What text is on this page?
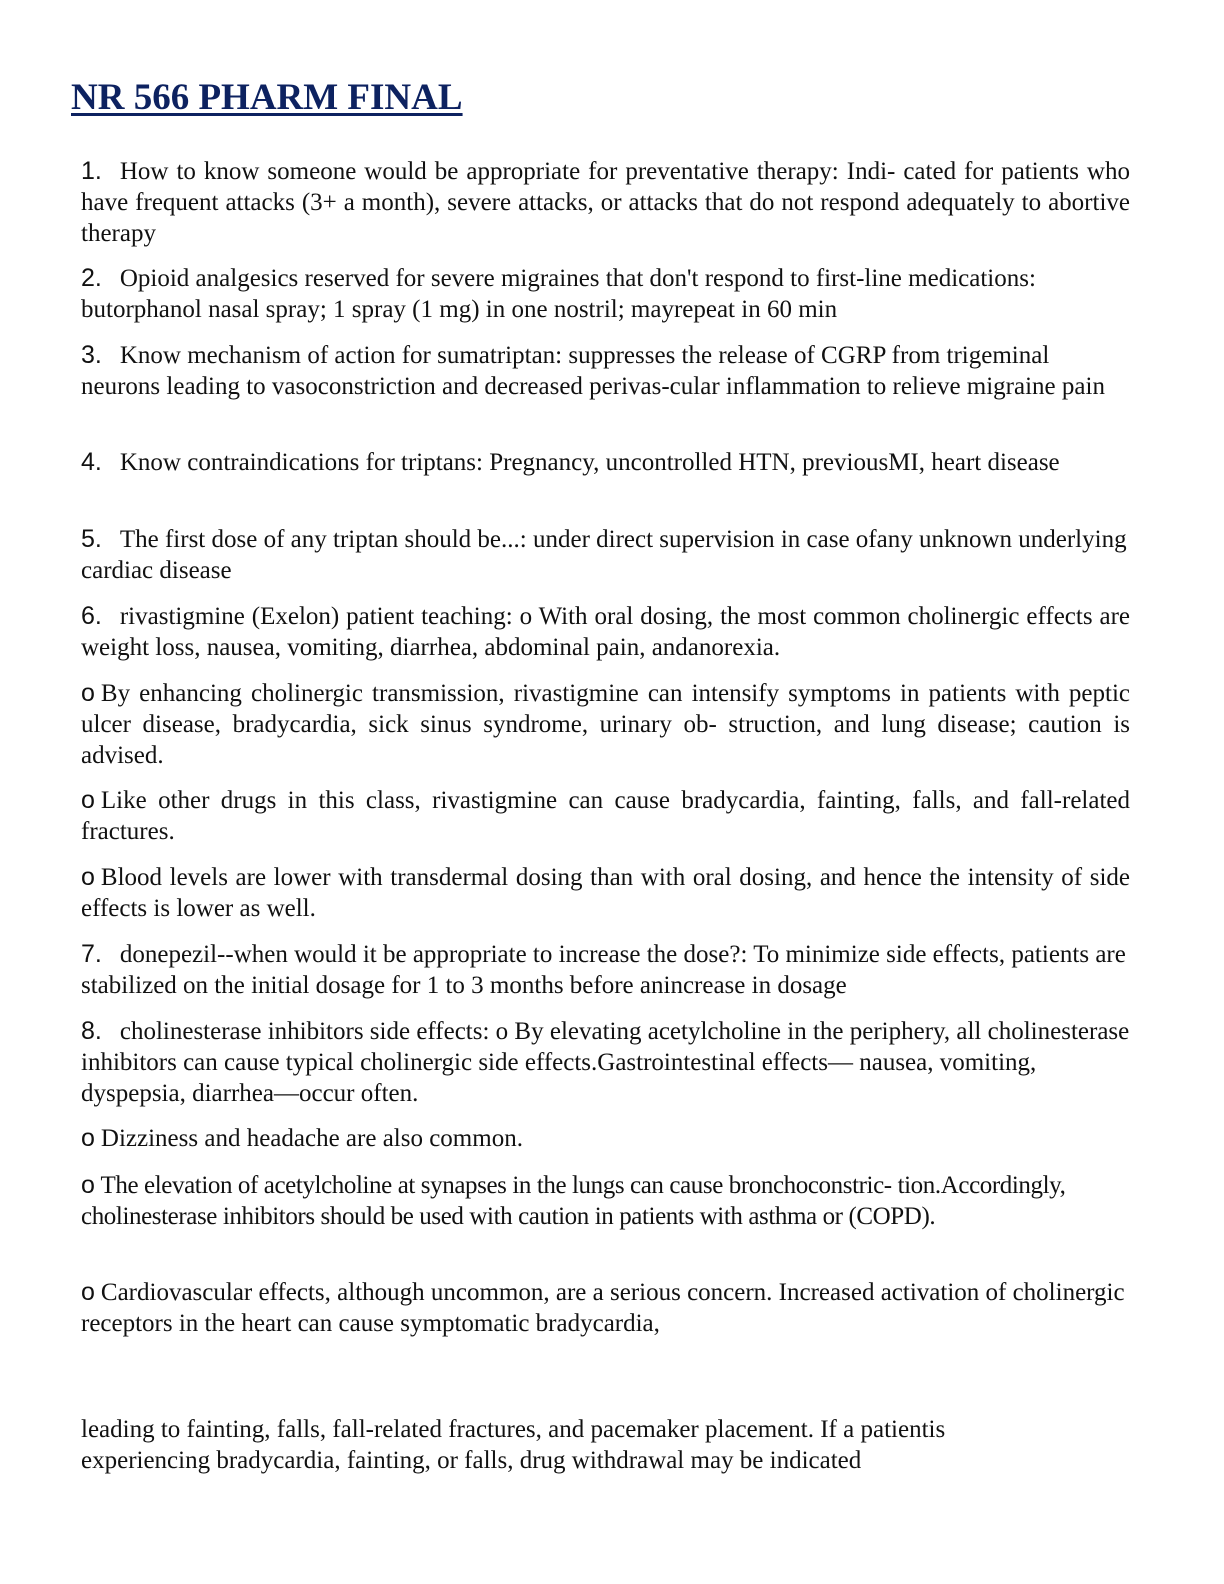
NR 566 PHARM FINAL
1. How to know someone would be appropriate for preventative therapy: Indi- cated for patients who have frequent attacks (3+ a month), severe attacks, or attacks that do not respond adequately to abortive therapy
2. Opioid analgesics reserved for severe migraines that don't respond to first-line medications: butorphanol nasal spray; 1 spray (1 mg) in one nostril; mayrepeat in 60 min
3. Know mechanism of action for sumatriptan: suppresses the release of CGRP from trigeminal neurons leading to vasoconstriction and decreased perivas-cular inflammation to relieve migraine pain
4. Know contraindications for triptans: Pregnancy, uncontrolled HTN, previousMI, heart disease
5. The first dose of any triptan should be...: under direct supervision in case ofany unknown underlying cardiac disease
6. rivastigmine (Exelon) patient teaching: o With oral dosing, the most common cholinergic effects are weight loss, nausea, vomiting, diarrhea, abdominal pain, andanorexia.
o By enhancing cholinergic transmission, rivastigmine can intensify symptoms in patients with peptic ulcer disease, bradycardia, sick sinus syndrome, urinary ob- struction, and lung disease; caution is advised.
o Like other drugs in this class, rivastigmine can cause bradycardia, fainting, falls, and fall-related fractures.
o Blood levels are lower with transdermal dosing than with oral dosing, and hence the intensity of side effects is lower as well.
7. donepezil--when would it be appropriate to increase the dose?: To minimize side effects, patients are stabilized on the initial dosage for 1 to 3 months before anincrease in dosage
8. cholinesterase inhibitors side effects: o By elevating acetylcholine in the periphery, all cholinesterase inhibitors can cause typical cholinergic side effects.Gastrointestinal effects— nausea, vomiting, dyspepsia, diarrhea—occur often.
o Dizziness and headache are also common.
o The elevation of acetylcholine at synapses in the lungs can cause bronchoconstric- tion.Accordingly, cholinesterase inhibitors should be used with caution in patients with asthma or (COPD).
o Cardiovascular effects, although uncommon, are a serious concern. Increased activation of cholinergic receptors in the heart can cause symptomatic bradycardia,
leading to fainting, falls, fall-related fractures, and pacemaker placement. If a patientis experiencing bradycardia, fainting, or falls, drug withdrawal may be indicated
